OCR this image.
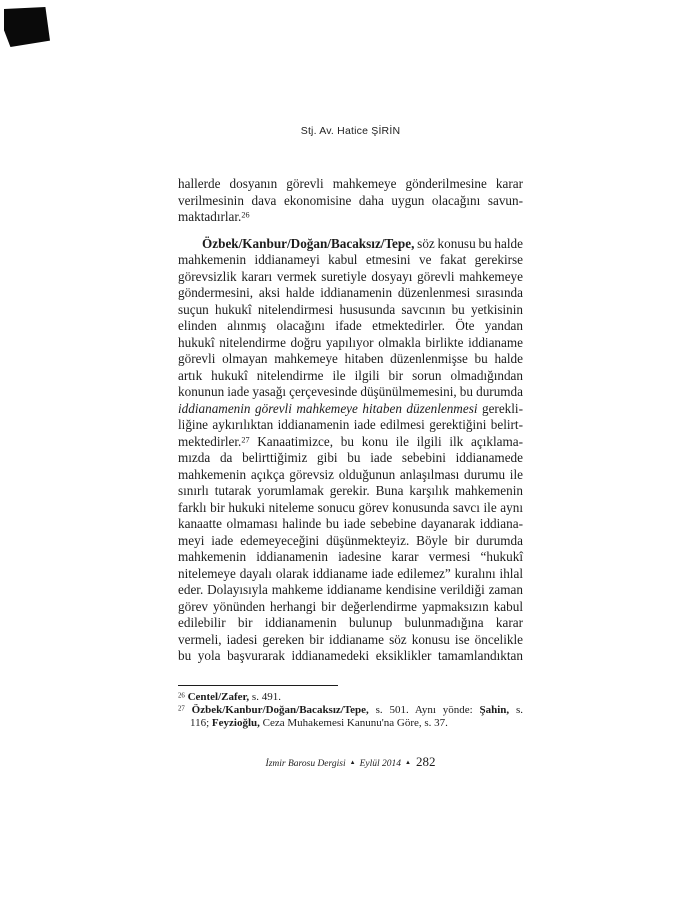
Stj. Av. Hatice ŞİRİN
hallerde dosyanın görevli mahkemeye gönderilmesine karar
verilmesinin dava ekonomisine daha uygun olacağını savun-
maktadırlar.$^{26}$
Özbek/Kanbur/Doğan/Bacaksız/Tepe, söz konusu bu halde
mahkemenin iddianameyi kabul etmesini ve fakat gerekirse
görevsizlik kararı vermek suretiyle dosyayı görevli mahkemeye
göndermesini, aksi halde iddianamenin düzenlenmesi sırasında
suçun hukukî nitelendirmesi hususunda savcının bu yetkisinin
elinden alınmış olacağını ifade etmektedirler. Öte yandan
hukukî nitelendirme doğru yapılıyor olmakla birlikte iddianame
görevli olmayan mahkemeye hitaben düzenlenmişse bu halde
artık hukukî nitelendirme ile ilgili bir sorun olmadığından
konunun iade yasağı çerçevesinde düşünülmemesini, bu durumda
iddianamenin görevli mahkemeye hitaben düzenlenmesi gerekli-
liğine aykırılıktan iddianamenin iade edilmesi gerektiğini belirt-
mektedirler.$^{27}$ Kanaatimizce, bu konu ile ilgili ilk açıklama-
mızda da belirttiğimiz gibi bu iade sebebini iddianamede
mahkemenin açıkça görevsiz olduğunun anlaşılması durumu ile
sınırlı tutarak yorumlamak gerekir. Buna karşılık mahkemenin
farklı bir hukuki niteleme sonucu görev konusunda savcı ile aynı
kanaatte olmaması halinde bu iade sebebine dayanarak iddiana-
meyi iade edemeyeceğini düşünmekteyiz. Böyle bir durumda
mahkemenin iddianamenin iadesine karar vermesi “hukukî
nitelemeye dayalı olarak iddianame iade edilemez” kuralını ihlal
eder. Dolayısıyla mahkeme iddianame kendisine verildiği zaman
görev yönünden herhangi bir değerlendirme yapmaksızın kabul
edilebilir bir iddianamenin bulunup bulunmadığına karar
vermeli, iadesi gereken bir iddianame söz konusu ise öncelikle
bu yola başvurarak iddianamedeki eksiklikler tamamlandıktan
$^{26}$ Centel/Zafer, s. 491.
$^{27}$ Özbek/Kanbur/Doğan/Bacaksız/Tepe, s. 501. Aynı yönde: Şahin, s.
116; Feyzioğlu, Ceza Muhakemesi Kanunu'na Göre, s. 37.
İzmir Barosu Dergisi ▲ Eylül 2014 ▲ 282
